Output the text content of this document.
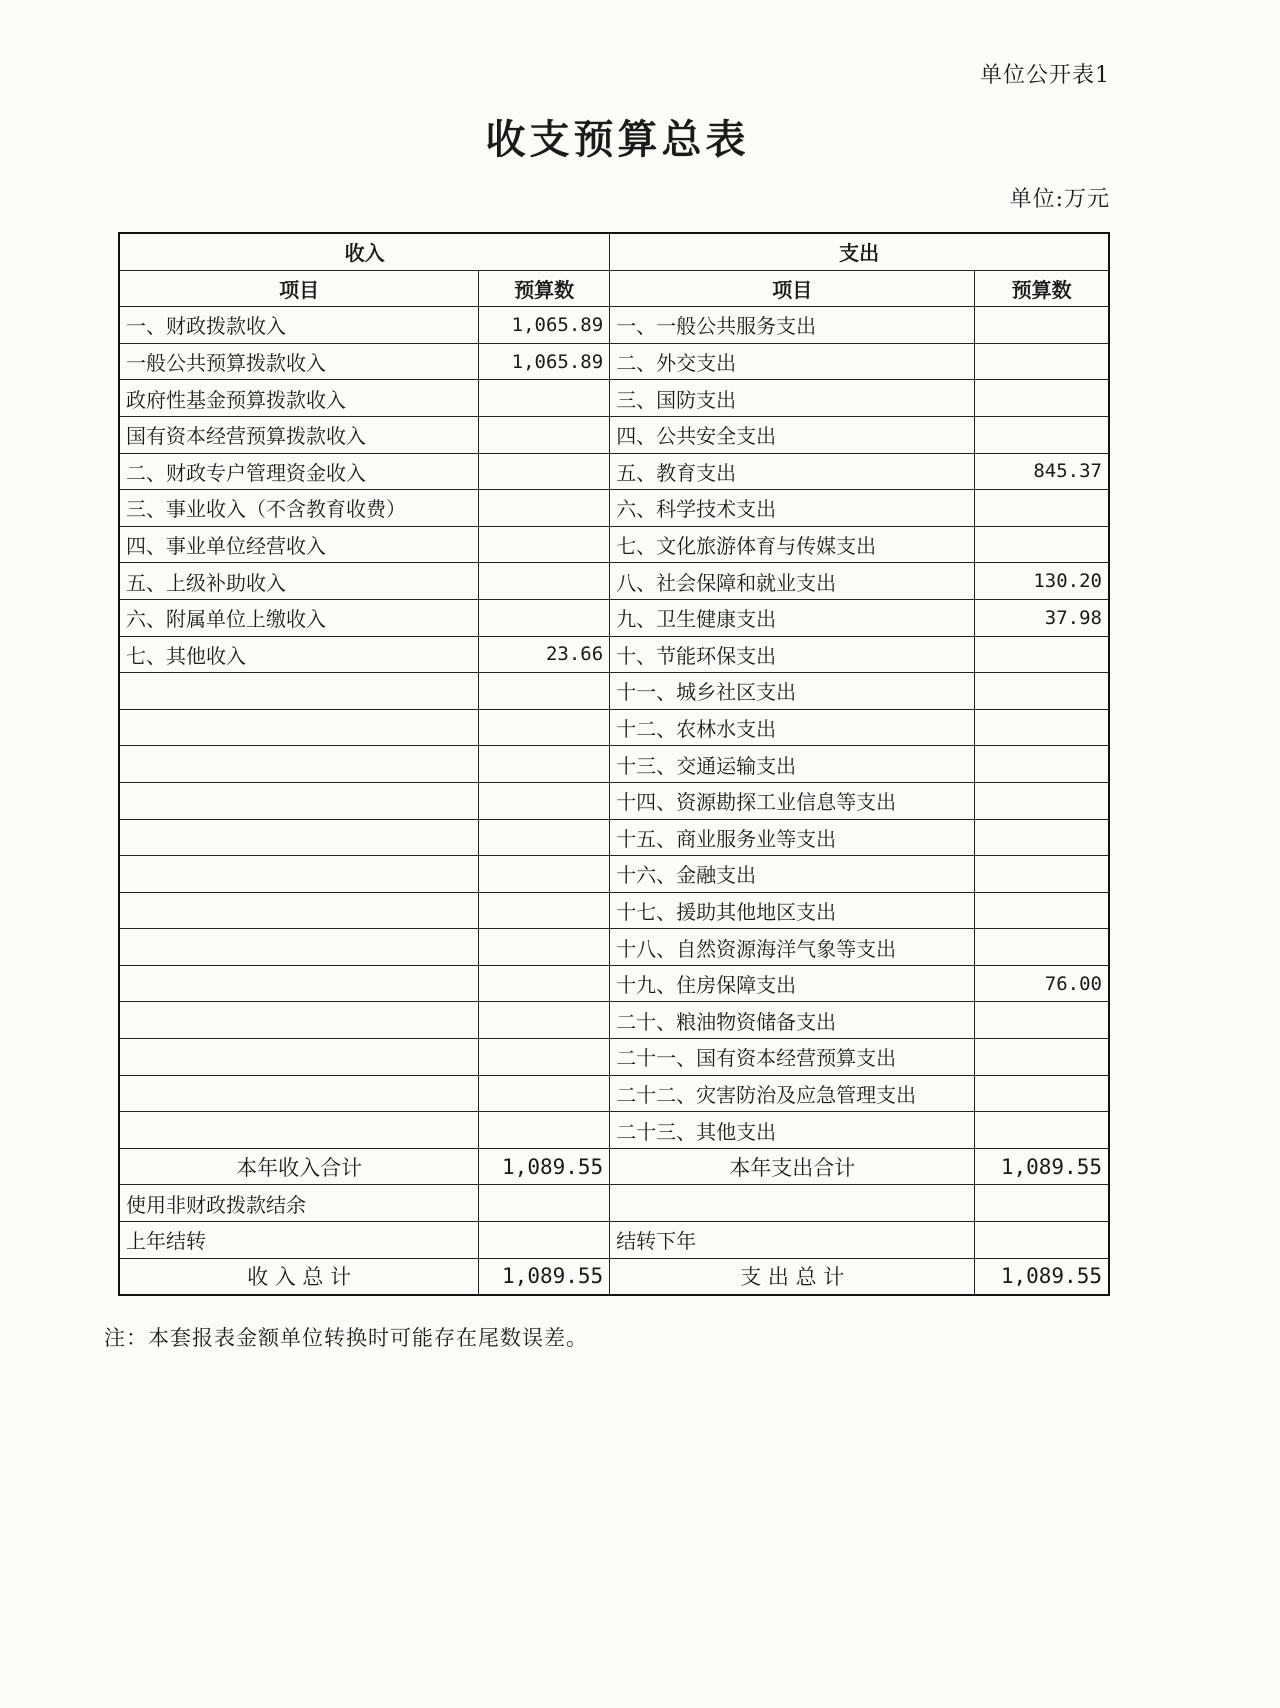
单位公开表1
收支预算总表
单位:万元
收入		支出	
项目	预算数	项目	预算数
一、财政拨款收入	1,065.89	一、一般公共服务支出	
一般公共预算拨款收入	1,065.89	二、外交支出	
政府性基金预算拨款收入		三、国防支出	
国有资本经营预算拨款收入		四、公共安全支出	
二、财政专户管理资金收入		五、教育支出	845.37
三、事业收入（不含教育收费）		六、科学技术支出	
四、事业单位经营收入		七、文化旅游体育与传媒支出	
五、上级补助收入		八、社会保障和就业支出	130.20
六、附属单位上缴收入		九、卫生健康支出	37.98
七、其他收入	23.66	十、节能环保支出	
		十一、城乡社区支出	
		十二、农林水支出	
		十三、交通运输支出	
		十四、资源勘探工业信息等支出	
		十五、商业服务业等支出	
		十六、金融支出	
		十七、援助其他地区支出	
		十八、自然资源海洋气象等支出	
		十九、住房保障支出	76.00
		二十、粮油物资储备支出	
		二十一、国有资本经营预算支出	
		二十二、灾害防治及应急管理支出	
		二十三、其他支出	
本年收入合计	1,089.55	本年支出合计	1,089.55
使用非财政拨款结余			
上年结转		结转下年	
收 入 总 计	1,089.55	支 出 总 计	1,089.55
注：本套报表金额单位转换时可能存在尾数误差。
